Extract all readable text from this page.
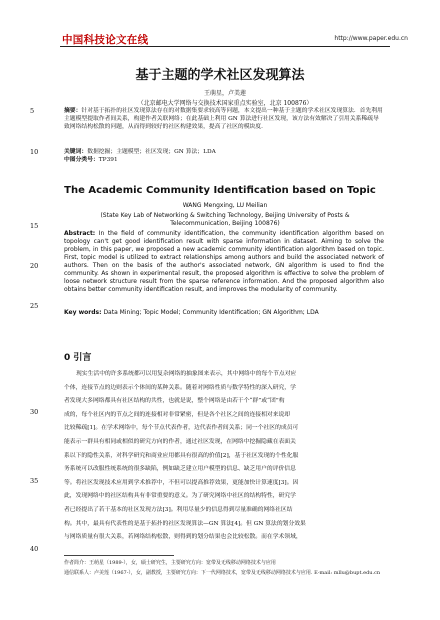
中国科技论文在线	http://www.paper.edu.cn
基于主题的学术社区发现算法
王萌星，卢美莲
（北京邮电大学网络与交换技术国家重点实验室，北京 100876）
摘要：针对基于拓扑的社区发现算法存在的对数据集要求较高等问题，本文提出一种基于主题的学术社区发现算法．首先利用主题模型提取作者间关系，构建作者关联网络；在此基础上利用 GN 算法进行社区发现，该方法有效解决了引用关系稀疏导致网络结构松散的问题，从而得到较好的社区构建效果，提高了社区的模块度．
关键词：数据挖掘；主题模型；社区发现；GN 算法；LDA
中图分类号：TP391
The Academic Community Identification based on Topic
WANG Mengxing, LU Meilian
(State Key Lab of Networking & Switching Technology, Beijing University of Posts &
Telecommunication, Beijing 100876)
Abstract: In the field of community identification, the community identification algorithm based on topology can't get good identification result with sparse information in dataset. Aiming to solve the problem, in this paper, we proposed a new academic community identification algorithm based on topic. First, topic model is utilized to extract relationships among authors and build the associated network of authors. Then on the basis of the author's associated network, GN algorithm is used to find the community. As shown in experimental result, the proposed algorithm is effective to solve the problem of loose network structure result from the sparse reference information. And the proposed algorithm also obtains better community identification result, and improves the modularity of community.
Key words: Data Mining; Topic Model; Community Identification; GN Algorithm; LDA
5
10
15
20
25
30
35
40
0 引言
现实生活中的许多系统都可以用复杂网络的抽象图来表示，其中网络中的每个节点对应
个体，连接节点的边则表示个体间的某种关系。随着对网络性质与数学特性的深入研究，学
者发现大多网络都具有社区结构的共性，也就是说，整个网络是由若干个“群”或“团”构
成的，每个社区内的节点之间的连接相对非常紧密，但是各个社区之间的连接相对来说却
比较稀疏[1]。在学术网络中，每个节点代表作者，边代表作者间关系；同一个社区的成员可
能表示一群具有相同或相似的研究方向的作者，通过社区发现，在网络中挖掘隐藏在表面关
系以下的隐性关系，对科学研究和商业应用都具有很高的价值[2]，基于社区发现的个性化服
务系统可以改服性统系统的很多缺陷，例如缺乏建立用户模型的信息、缺乏用户的评价信息
等。将社区发现技术应用到学术推荐中，不但可以提高推荐效果，更能加快计算速度[3]。因
此，发现网络中的社区结构具有非常重要的意义。为了研究网络中社区的结构特性，研究学
者已经提出了若干基本的社区发现方法[3]。利用尽量少的信息得到尽量准确的网络社区结
构。其中，最具有代表性的是基于拓扑的社区发现算法—GN 算法[4]。但 GN 算法的划分效果
与网络质量有很大关系，若网络结构松散，则得到的划分结果也会比较松散。而在学术领域，
作者简介：王萌星（1989-），女，硕士研究生，主要研究方向：宽带及无线移动网络技术与应用
通信联系人：卢美莲（1967-），女，副教授，主要研究方向：下一代网络技术，宽带及无线移动网络技术与应用. E-mail: mllu@bupt.edu.cn
